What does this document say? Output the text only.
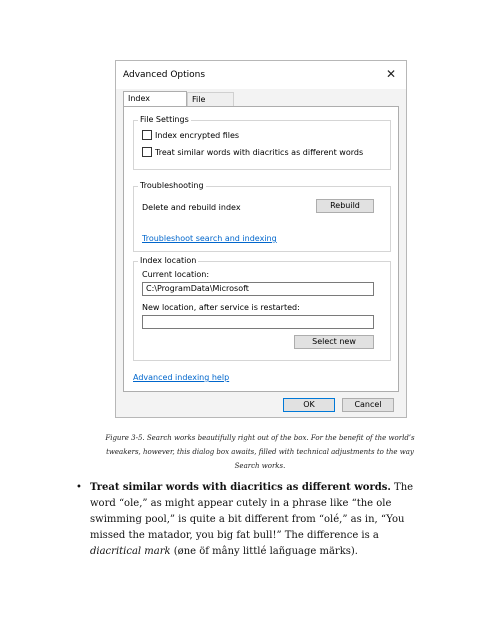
Advanced Options	✕
Index	File
File Settings
Index encrypted files
Treat similar words with diacritics as different words
Troubleshooting
Delete and rebuild index	Rebuild
Troubleshoot search and indexing
Index location
Current location:
C:\ProgramData\Microsoft
New location, after service is restarted:
Select new
Advanced indexing help
OK	Cancel
Figure 3-5. Search works beautifully right out of the box. For the benefit of the world’s tweakers, however, this dialog box awaits, filled with technical adjustments to the way Search works.
• Treat similar words with diacritics as different words. The word “ole,” as might appear cutely in a phrase like “the ole swimming pool,” is quite a bit different from “olé,” as in, “You missed the matador, you big fat bull!” The difference is a diacritical mark (øne öf mâny littlé lañguage märks).
